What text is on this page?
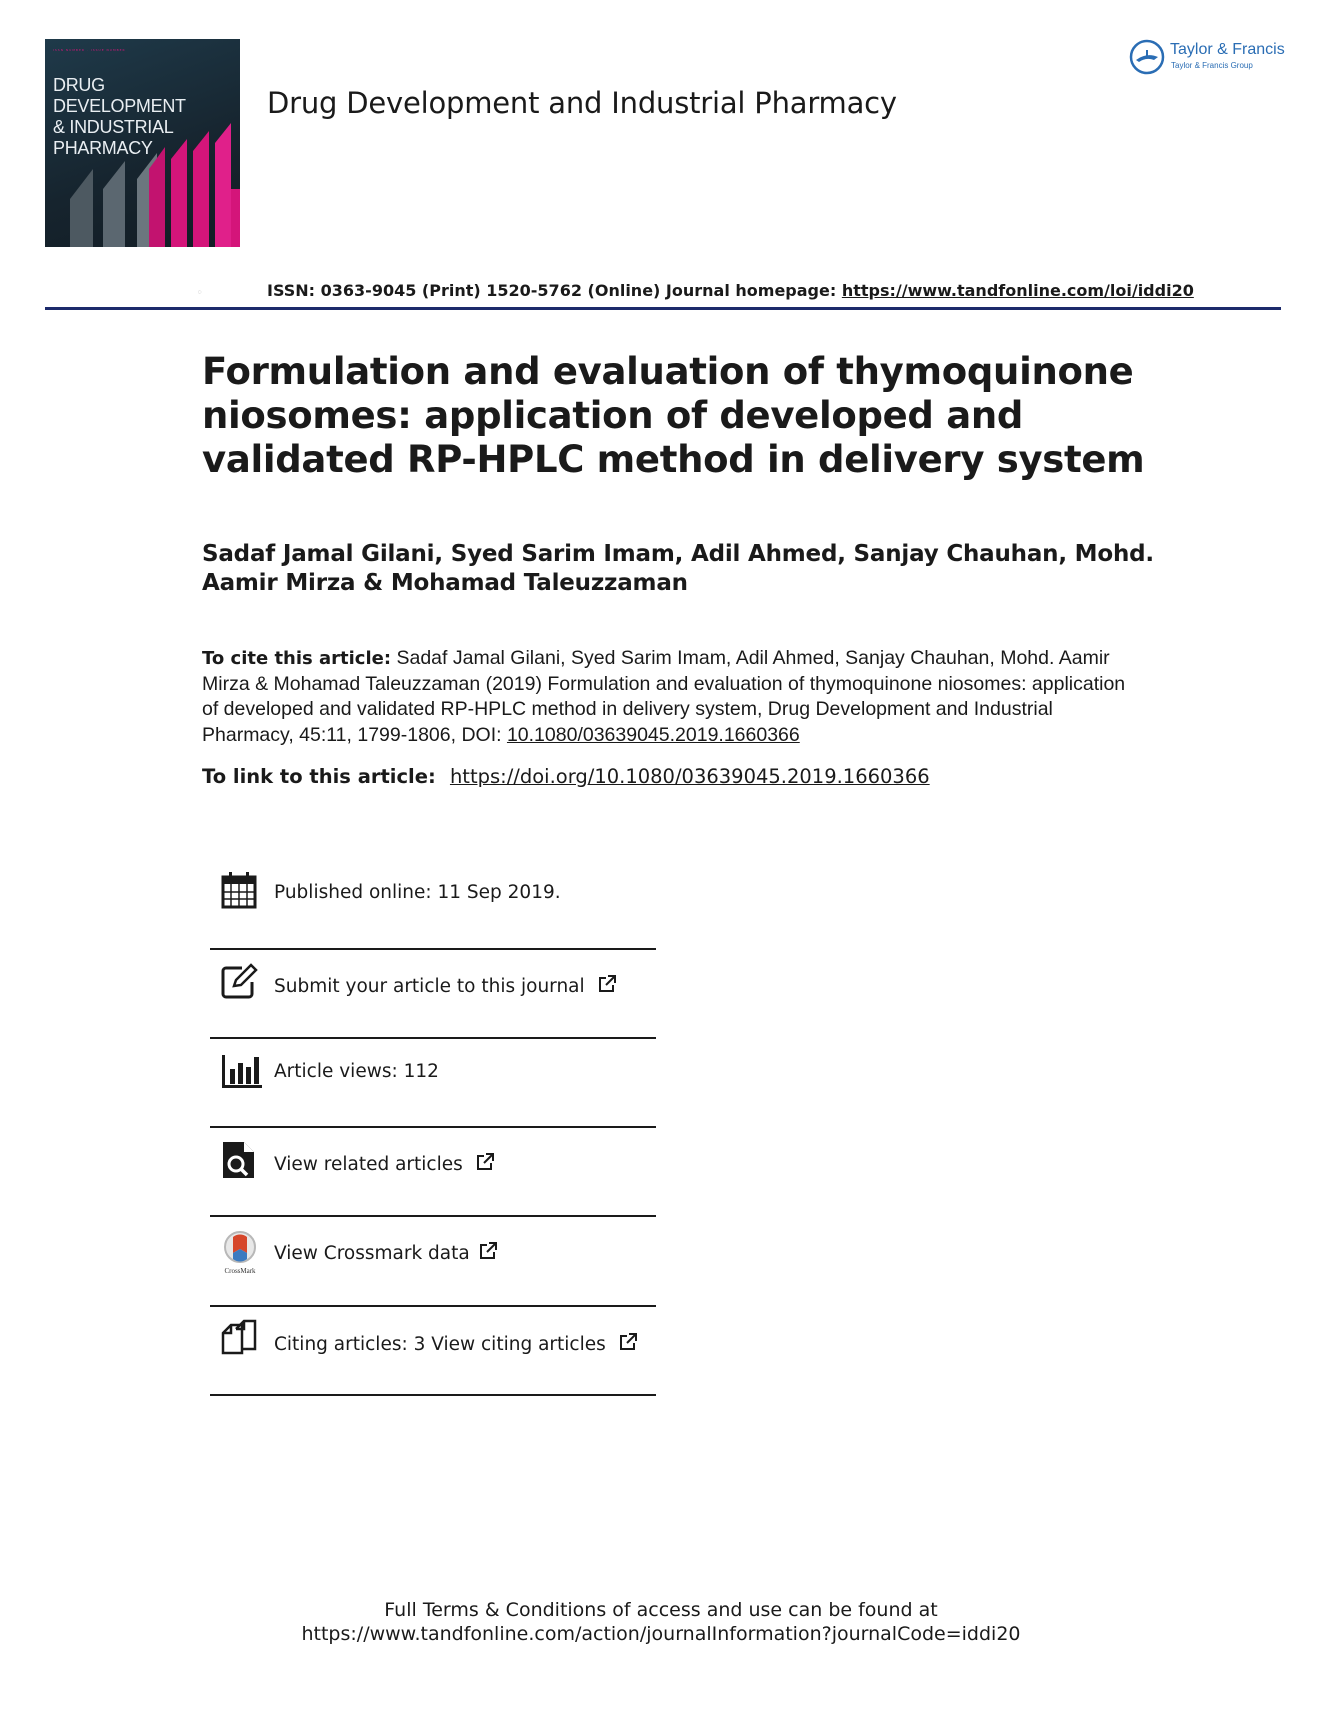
ISSN NUMBER · ISSUE NUMBER
DRUG DEVELOPMENT
& INDUSTRIAL
PHARMACY
Drug Development and Industrial Pharmacy
Taylor & Francis
Taylor & Francis Group

◌	ISSN: 0363-9045 (Print) 1520-5762 (Online) Journal homepage: https://www.tandfonline.com/loi/iddi20
Formulation and evaluation of thymoquinone niosomes: application of developed and validated RP-HPLC method in delivery system
Sadaf Jamal Gilani, Syed Sarim Imam, Adil Ahmed, Sanjay Chauhan, Mohd. Aamir Mirza & Mohamad Taleuzzaman
To cite this article: Sadaf Jamal Gilani, Syed Sarim Imam, Adil Ahmed, Sanjay Chauhan, Mohd. Aamir Mirza & Mohamad Taleuzzaman (2019) Formulation and evaluation of thymoquinone niosomes: application of developed and validated RP-HPLC method in delivery system, Drug Development and Industrial Pharmacy, 45:11, 1799-1806, DOI: 10.1080/03639045.2019.1660366
To link to this article: https://doi.org/10.1080/03639045.2019.1660366
Published online: 11 Sep 2019.
Submit your article to this journal
Article views: 112
View related articles
CrossMark
View Crossmark data
Citing articles: 3 View citing articles
Full Terms & Conditions of access and use can be found at
https://www.tandfonline.com/action/journalInformation?journalCode=iddi20
